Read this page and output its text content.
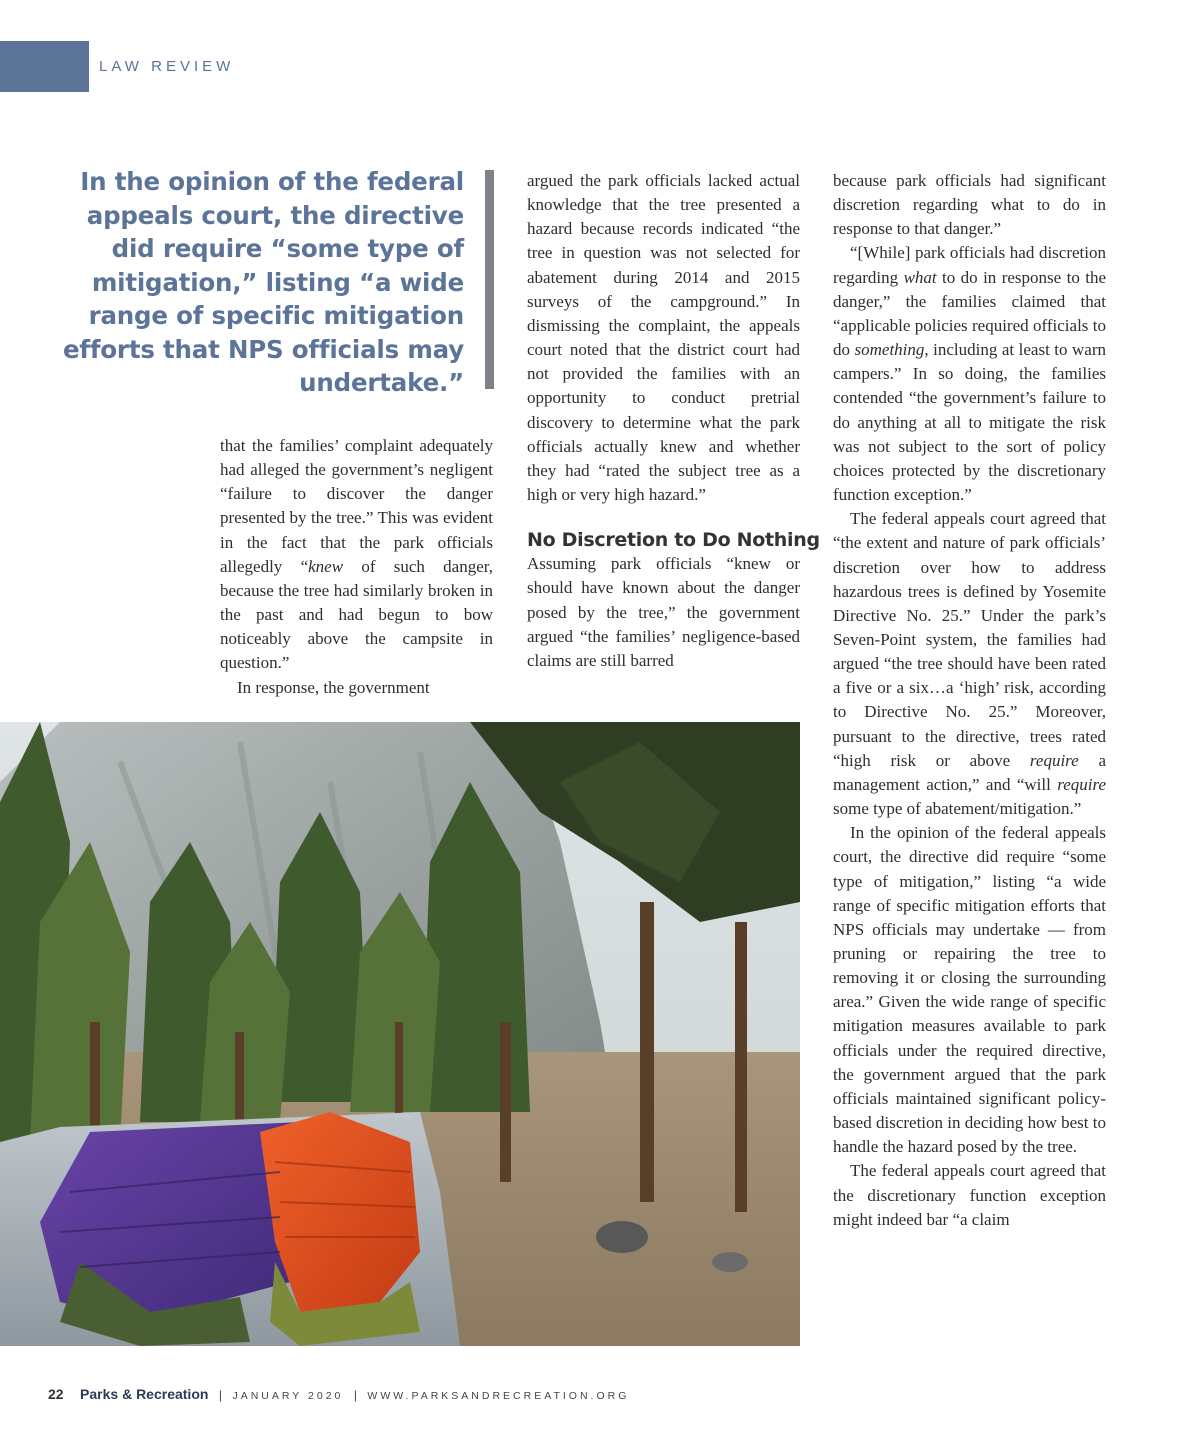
LAW REVIEW
In the opinion of the federal appeals court, the directive did require “some type of mitigation,” listing “a wide range of specific mitigation efforts that NPS officials may undertake.”

that the families’ complaint adequately had alleged the government’s negligent “failure to discover the danger presented by the tree.” This was evident in the fact that the park officials allegedly “knew of such danger, because the tree had similarly broken in the past and had begun to bow noticeably above the campsite in question.”

In response, the government

argued the park officials lacked actual knowledge that the tree presented a hazard because records indicated “the tree in question was not selected for abatement during 2014 and 2015 surveys of the campground.” In dismissing the complaint, the appeals court noted that the district court had not provided the families with an opportunity to conduct pretrial discovery to determine what the park officials actually knew and whether they had “rated the subject tree as a high or very high hazard.”

No Discretion to Do Nothing

Assuming park officials “knew or should have known about the danger posed by the tree,” the government argued “the families’ negligence-based claims are still barred

because park officials had significant discretion regarding what to do in response to that danger.”

“[While] park officials had discretion regarding what to do in response to the danger,” the families claimed that “applicable policies required officials to do something, including at least to warn campers.” In so doing, the families contended “the government’s failure to do anything at all to mitigate the risk was not subject to the sort of policy choices protected by the discretionary function exception.”

The federal appeals court agreed that “the extent and nature of park officials’ discretion over how to address hazardous trees is defined by Yosemite Directive No. 25.” Under the park’s Seven-Point system, the families had argued “the tree should have been rated a five or a six…a ‘high’ risk, according to Directive No. 25.” Moreover, pursuant to the directive, trees rated “high risk or above require a management action,” and “will require some type of abatement/mitigation.”

In the opinion of the federal appeals court, the directive did require “some type of mitigation,” listing “a wide range of specific mitigation efforts that NPS officials may undertake — from pruning or repairing the tree to removing it or closing the surrounding area.” Given the wide range of specific mitigation measures available to park officials under the required directive, the government argued that the park officials maintained significant policy-based discretion in deciding how best to handle the hazard posed by the tree.

The federal appeals court agreed that the discretionary function exception might indeed bar “a claim

22 Parks & Recreation | JANUARY 2020 | WWW.PARKSANDRECREATION.ORG
